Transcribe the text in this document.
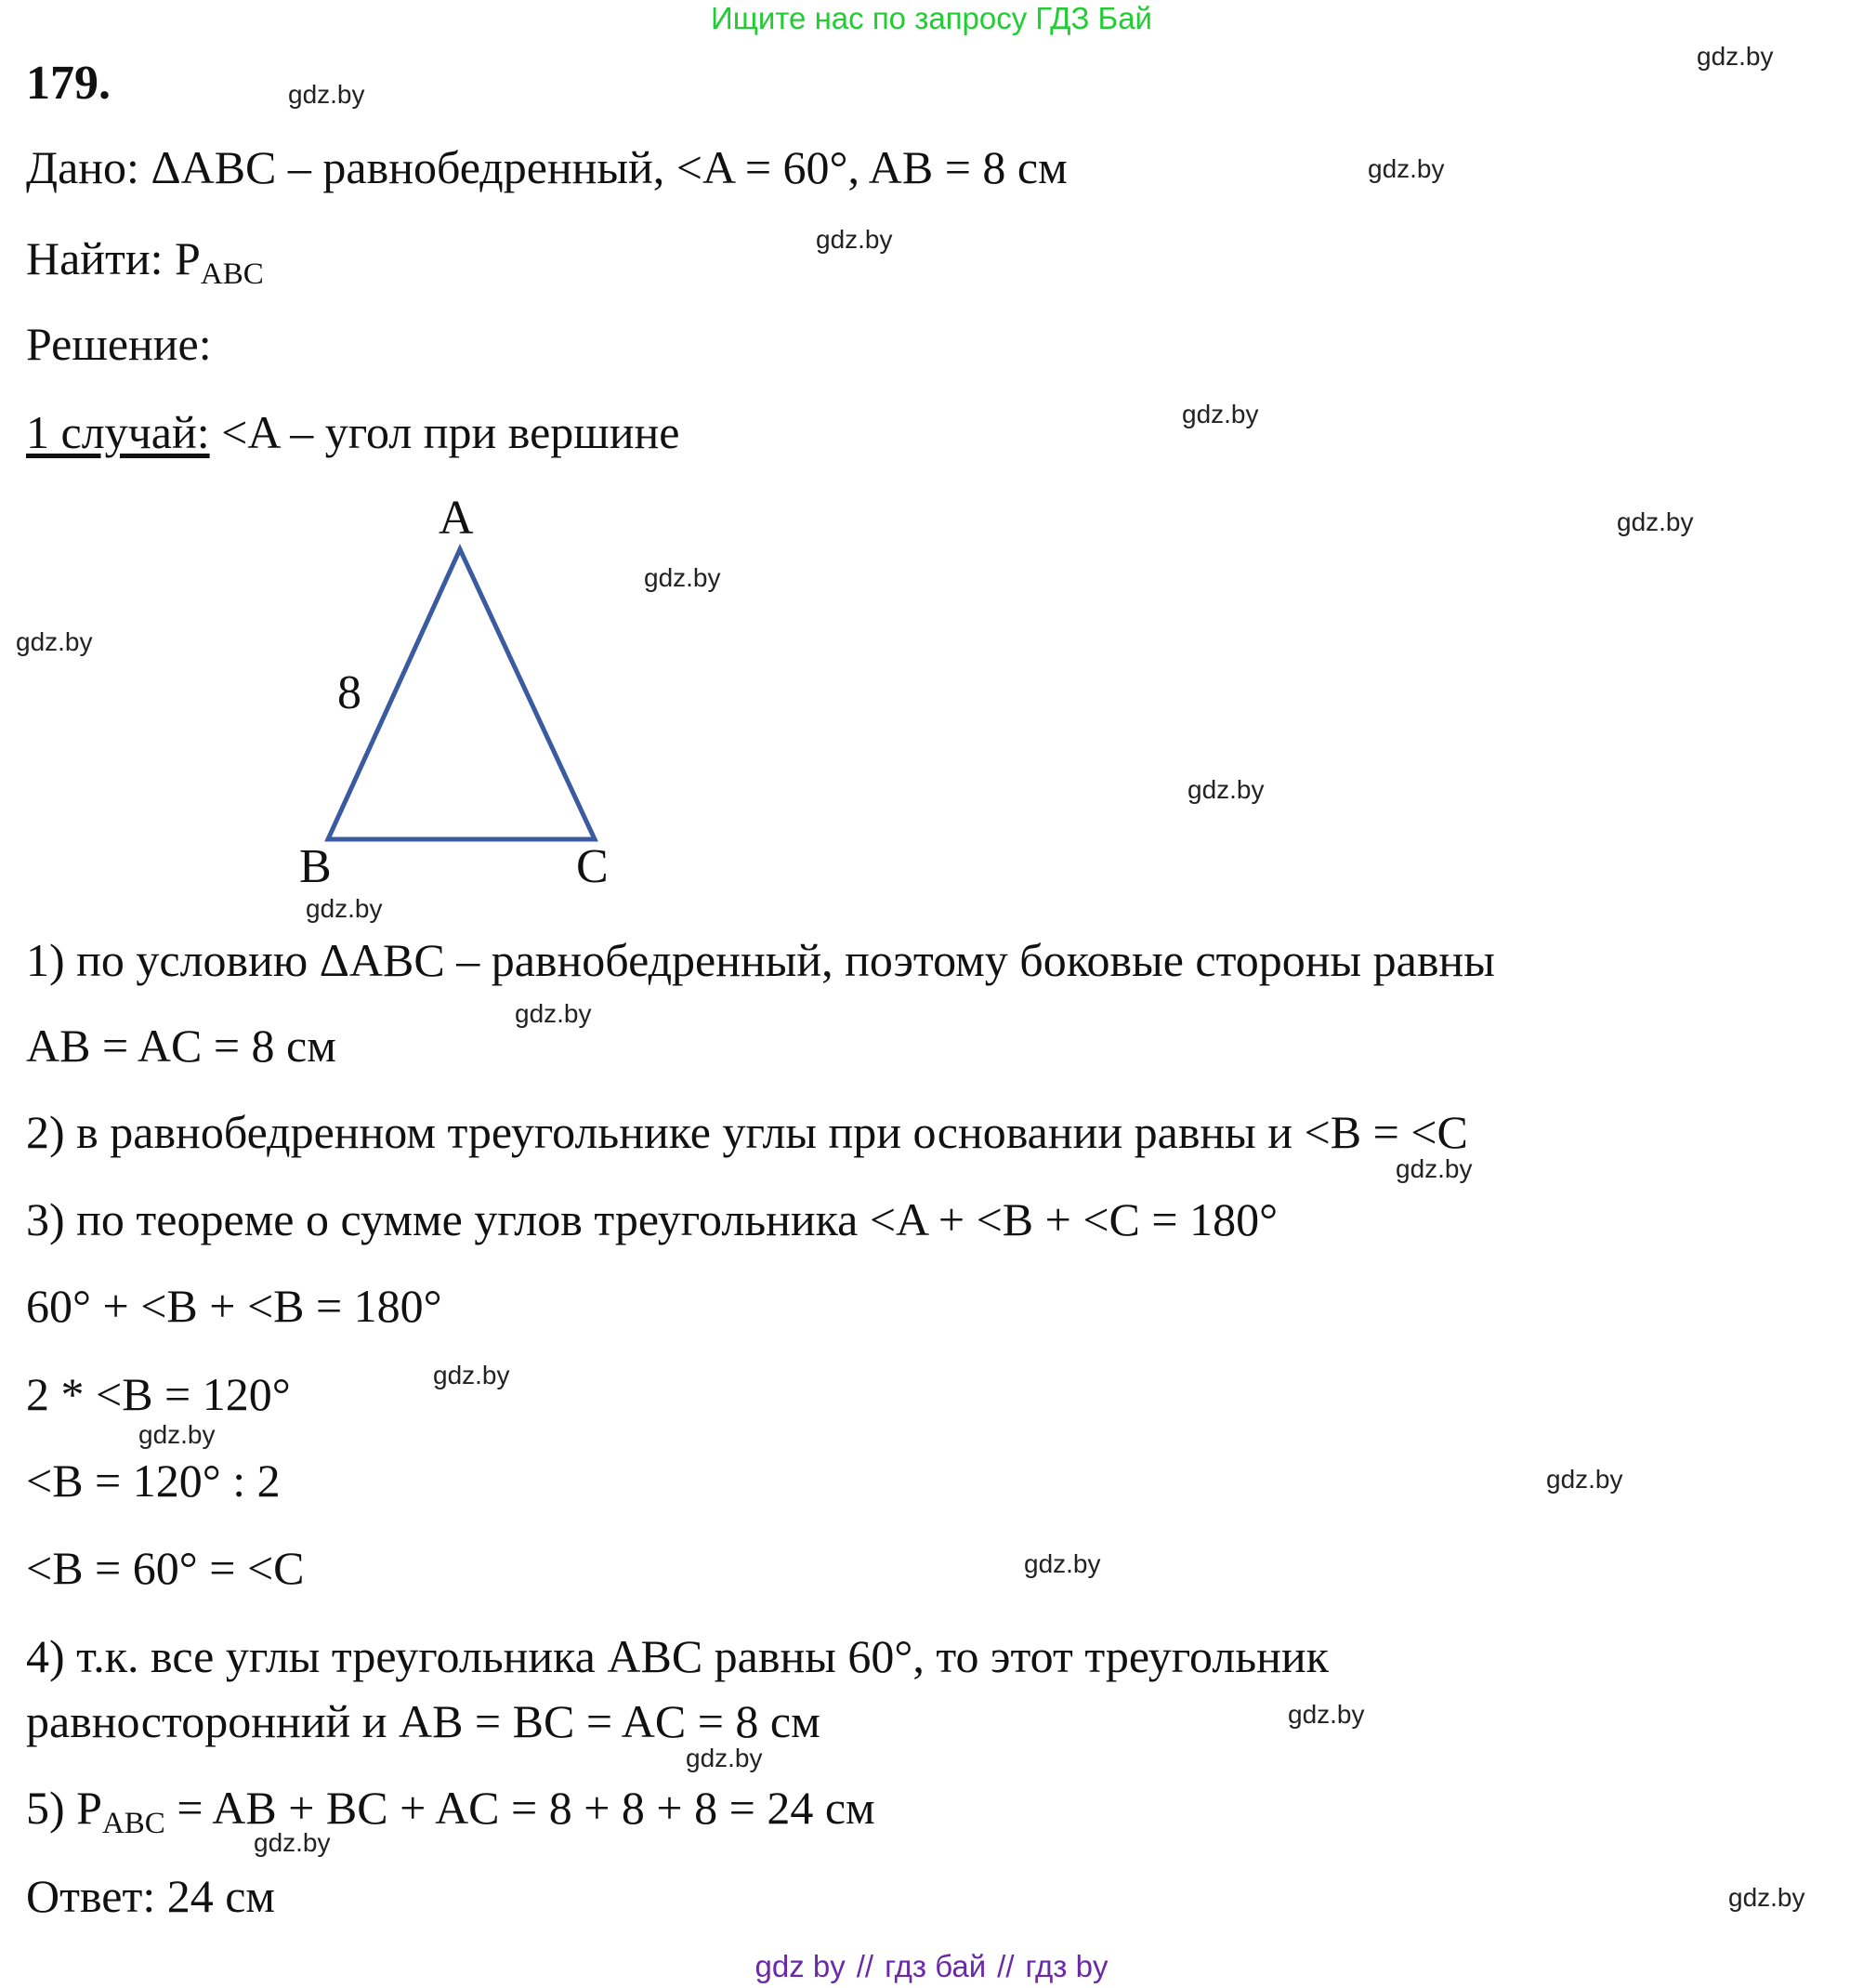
Ищите нас по запросу ГДЗ Бай
179.
Дано: ΔABC – равнобедренный, <A = 60°, AB = 8 см
Найти: $P_{ABC}$
Решение:
1 случай: <A – угол при вершине
A
B	C
8
1) по условию ΔABC – равнобедренный, поэтому боковые стороны равны
AB = AC = 8 см
2) в равнобедренном треугольнике углы при основании равны и <B = <C
3) по теореме о сумме углов треугольника <A + <B + <C = 180°
60° + <B + <B = 180°
2 * <B = 120°
<B = 120° : 2
<B = 60° = <C
4) т.к. все углы треугольника ABC равны 60°, то этот треугольник
равносторонний и AB = BC = AC = 8 см
5) $P_{ABC}$ = AB + BC + AC = 8 + 8 + 8 = 24 см
Ответ: 24 см
gdz.by
gdz.by
gdz.by
gdz.by
gdz.by
gdz.by
gdz.by
gdz.by
gdz.by
gdz.by
gdz.by
gdz.by
gdz.by
gdz.by
gdz.by
gdz.by
gdz.by
gdz.by
gdz.by
gdz.by
gdz by // гдз бай // гдз by
